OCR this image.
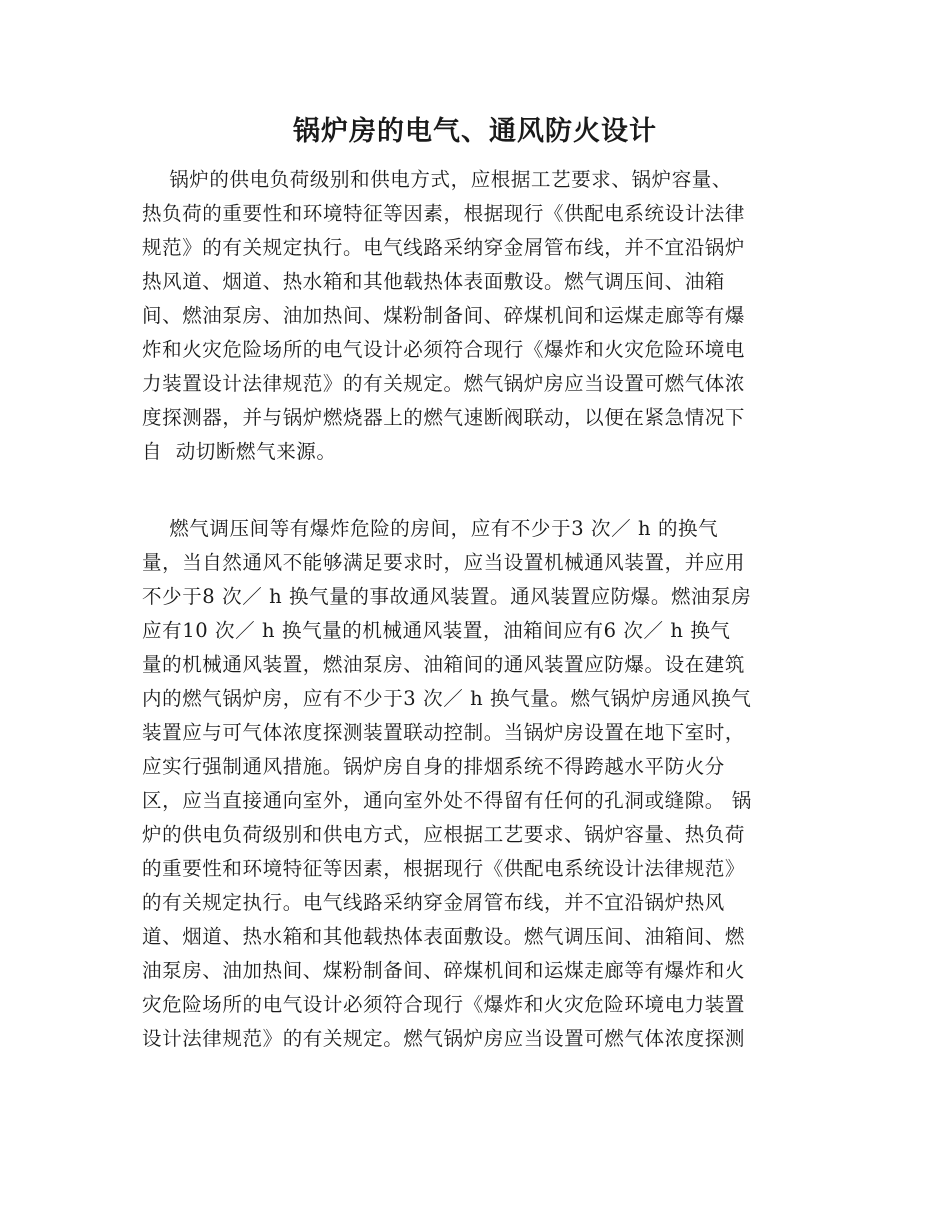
锅炉房的电气、通风防火设计
锅炉的供电负荷级别和供电方式，应根据工艺要求、锅炉容量、
热负荷的重要性和环境特征等因素，根据现行《供配电系统设计法律
规范》的有关规定执行。电气线路采纳穿金屑管布线，并不宜沿锅炉
热风道、烟道、热水箱和其他载热体表面敷设。燃气调压间、油箱
间、燃油泵房、油加热间、煤粉制备间、碎煤机间和运煤走廊等有爆
炸和火灾危险场所的电气设计必须符合现行《爆炸和火灾危险环境电
力装置设计法律规范》的有关规定。燃气锅炉房应当设置可燃气体浓
度探测器，并与锅炉燃烧器上的燃气速断阀联动，以便在紧急情况下
自  动切断燃气来源。
燃气调压间等有爆炸危险的房间，应有不少于3 次／ h 的换气
量，当自然通风不能够满足要求时，应当设置机械通风装置，并应用
不少于8 次／ h 换气量的事故通风装置。通风装置应防爆。燃油泵房
应有10 次／ h 换气量的机械通风装置，油箱间应有6 次／ h 换气
量的机械通风装置，燃油泵房、油箱间的通风装置应防爆。设在建筑
内的燃气锅炉房，应有不少于3 次／ h 换气量。燃气锅炉房通风换气
装置应与可气体浓度探测装置联动控制。当锅炉房设置在地下室时，
应实行强制通风措施。锅炉房自身的排烟系统不得跨越水平防火分
区，应当直接通向室外，通向室外处不得留有任何的孔洞或缝隙。 锅
炉的供电负荷级别和供电方式，应根据工艺要求、锅炉容量、热负荷
的重要性和环境特征等因素，根据现行《供配电系统设计法律规范》
的有关规定执行。电气线路采纳穿金屑管布线，并不宜沿锅炉热风
道、烟道、热水箱和其他载热体表面敷设。燃气调压间、油箱间、燃
油泵房、油加热间、煤粉制备间、碎煤机间和运煤走廊等有爆炸和火
灾危险场所的电气设计必须符合现行《爆炸和火灾危险环境电力装置
设计法律规范》的有关规定。燃气锅炉房应当设置可燃气体浓度探测
